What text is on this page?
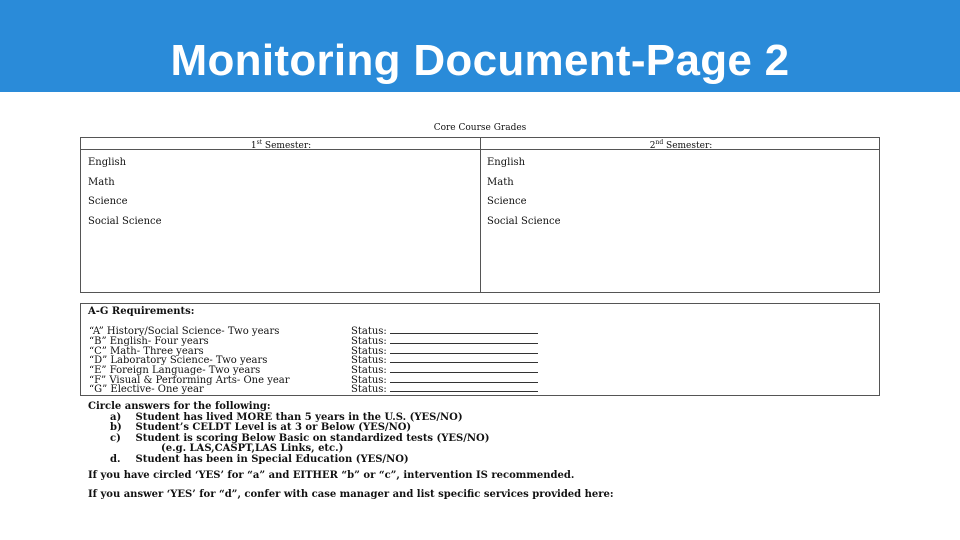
Monitoring Document-Page 2
Core Course Grades
1st Semester:	2nd Semester:
English
Math
Science
Social Science
English
Math
Science
Social Science
A-G Requirements:
“A” History/Social Science- Two years	Status:
“B” English- Four years	Status:
“C” Math- Three years	Status:
“D” Laboratory Science- Two years	Status:
“E” Foreign Language- Two years	Status:
“F” Visual & Performing Arts- One year	Status:
“G” Elective- One year	Status:
Circle answers for the following:
a) Student has lived MORE than 5 years in the U.S. (YES/NO)
b) Student’s CELDT Level is at 3 or Below (YES/NO)
c) Student is scoring Below Basic on standardized tests (YES/NO)
(e.g. LAS,CASPT,LAS Links, etc.)
d. Student has been in Special Education (YES/NO)
If you have circled ‘YES’ for “a” and EITHER “b” or “c”, intervention IS recommended.
If you answer ‘YES’ for “d”, confer with case manager and list specific services provided here:
